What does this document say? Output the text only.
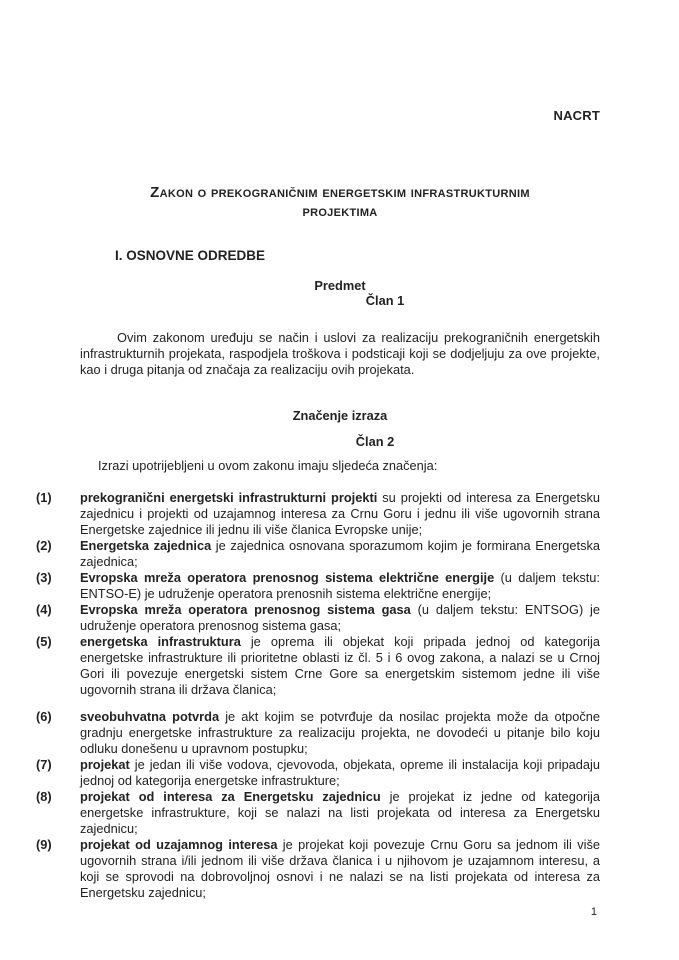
NACRT
Zakon o prekograničnim energetskim infrastrukturnim
projektima
I. OSNOVNE ODREDBE
Predmet
Član 1
Ovim zakonom uređuju se način i uslovi za realizaciju prekograničnih energetskih infrastrukturnih projekata, raspodjela troškova i podsticaji koji se dodjeljuju za ove projekte, kao i druga pitanja od značaja za realizaciju ovih projekata.
Značenje izraza
Član 2
Izrazi upotrijebljeni u ovom zakonu imaju sljedeća značenja:
(1)	prekogranični energetski infrastrukturni projekti su projekti od interesa za Energetsku zajednicu i projekti od uzajamnog interesa za Crnu Goru i jednu ili više ugovornih strana Energetske zajednice ili jednu ili više članica Evropske unije;
(2)	Energetska zajednica je zajednica osnovana sporazumom kojim je formirana Energetska zajednica;
(3)	Evropska mreža operatora prenosnog sistema električne energije (u daljem tekstu: ENTSO-E) je udruženje operatora prenosnih sistema električne energije;
(4)	Evropska mreža operatora prenosnog sistema gasa (u daljem tekstu: ENTSOG) je udruženje operatora prenosnog sistema gasa;
(5)	energetska infrastruktura je oprema ili objekat koji pripada jednoj od kategorija energetske infrastrukture ili prioritetne oblasti iz čl. 5 i 6 ovog zakona, a nalazi se u Crnoj Gori ili povezuje energetski sistem Crne Gore sa energetskim sistemom jedne ili više ugovornih strana ili država članica;
(6)	sveobuhvatna potvrda je akt kojim se potvrđuje da nosilac projekta može da otpočne gradnju energetske infrastrukture za realizaciju projekta, ne dovodeći u pitanje bilo koju odluku donešenu u upravnom postupku;
(7)	projekat je jedan ili više vodova, cjevovoda, objekata, opreme ili instalacija koji pripadaju jednoj od kategorija energetske infrastrukture;
(8)	projekat od interesa za Energetsku zajednicu je projekat iz jedne od kategorija energetske infrastrukture, koji se nalazi na listi projekata od interesa za Energetsku zajednicu;
(9)	projekat od uzajamnog interesa je projekat koji povezuje Crnu Goru sa jednom ili više ugovornih strana i/ili jednom ili više država članica i u njihovom je uzajamnom interesu, a koji se sprovodi na dobrovoljnoj osnovi i ne nalazi se na listi projekata od interesa za Energetsku zajednicu;
1
